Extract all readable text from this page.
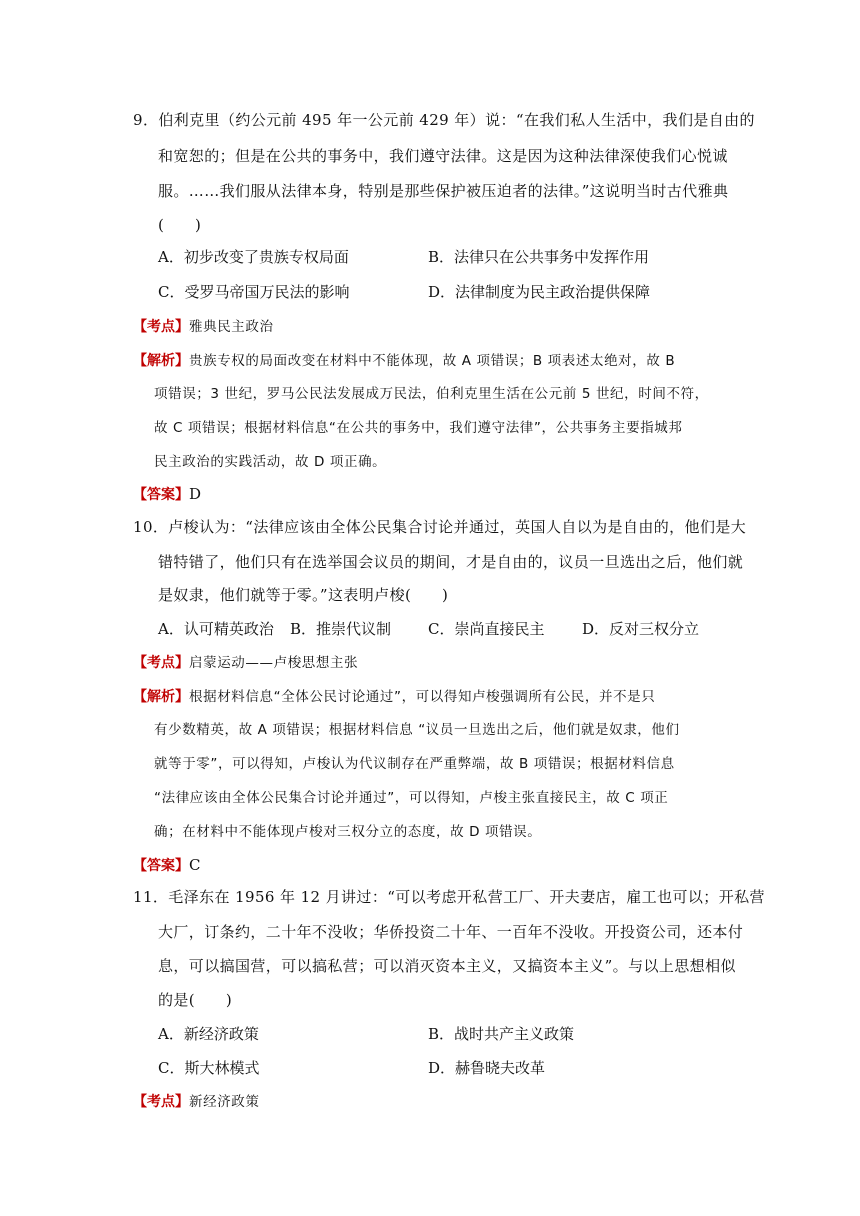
9．伯利克里（约公元前 495 年一公元前 429 年）说：“在我们私人生活中，我们是自由的
和宽恕的；但是在公共的事务中，我们遵守法律。这是因为这种法律深使我们心悦诚
服。……我们服从法律本身，特别是那些保护被压迫者的法律。”这说明当时古代雅典
(　　)
A．初步改变了贵族专权局面	B．法律只在公共事务中发挥作用
C．受罗马帝国万民法的影响	D．法律制度为民主政治提供保障
【考点】雅典民主政治
【解析】贵族专权的局面改变在材料中不能体现，故 A 项错误；B 项表述太绝对，故 B
项错误；3 世纪，罗马公民法发展成万民法，伯利克里生活在公元前 5 世纪，时间不符，
故 C 项错误；根据材料信息“在公共的事务中，我们遵守法律”，公共事务主要指城邦
民主政治的实践活动，故 D 项正确。
【答案】D
10．卢梭认为：“法律应该由全体公民集合讨论并通过，英国人自以为是自由的，他们是大
错特错了，他们只有在选举国会议员的期间，才是自由的，议员一旦选出之后，他们就
是奴隶，他们就等于零。”这表明卢梭(　　)
A．认可精英政治 B．推崇代议制 C．崇尚直接民主	D．反对三权分立
【考点】启蒙运动——卢梭思想主张
【解析】根据材料信息“全体公民讨论通过”，可以得知卢梭强调所有公民，并不是只
有少数精英，故 A 项错误；根据材料信息 “议员一旦选出之后，他们就是奴隶，他们
就等于零”，可以得知，卢梭认为代议制存在严重弊端，故 B 项错误；根据材料信息
“法律应该由全体公民集合讨论并通过”，可以得知，卢梭主张直接民主，故 C 项正
确；在材料中不能体现卢梭对三权分立的态度，故 D 项错误。
【答案】C
11．毛泽东在 1956 年 12 月讲过：“可以考虑开私营工厂、开夫妻店，雇工也可以；开私营
大厂，订条约，二十年不没收；华侨投资二十年、一百年不没收。开投资公司，还本付
息，可以搞国营，可以搞私营；可以消灭资本主义，又搞资本主义”。与以上思想相似
的是(　　)
A．新经济政策	B．战时共产主义政策
C．斯大林模式	D．赫鲁晓夫改革
【考点】新经济政策
